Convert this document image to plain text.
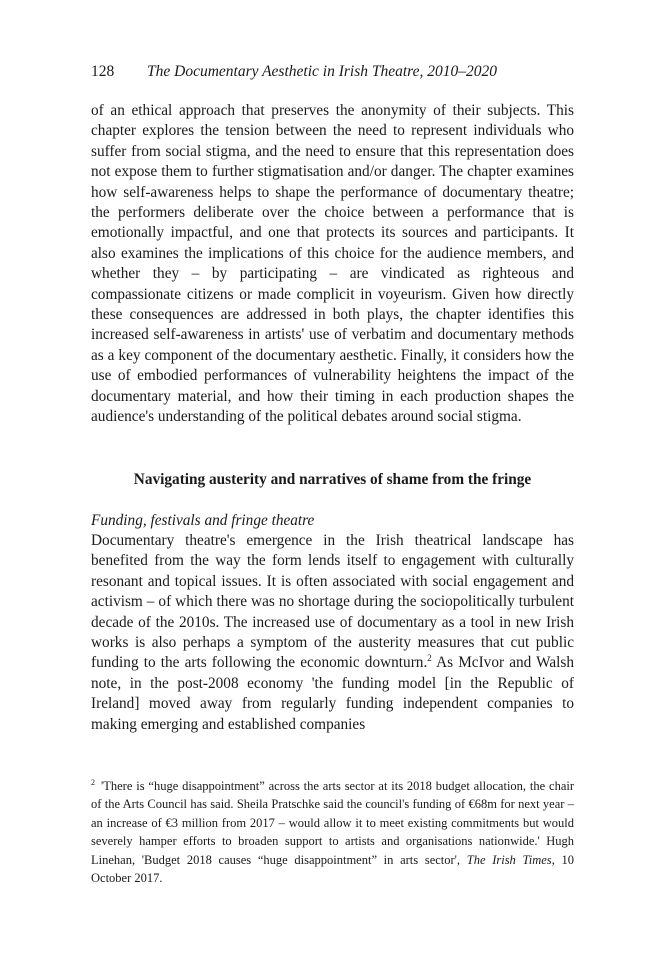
128 The Documentary Aesthetic in Irish Theatre, 2010–2020

of an ethical approach that preserves the anonymity of their subjects. This chapter explores the tension between the need to represent individuals who suffer from social stigma, and the need to ensure that this representation does not expose them to further stigmatisation and/or danger. The chapter examines how self-awareness helps to shape the performance of documentary theatre; the performers deliberate over the choice between a performance that is emotionally impactful, and one that protects its sources and participants. It also examines the implications of this choice for the audience members, and whether they – by participating – are vindicated as righteous and compassionate citizens or made complicit in voyeurism. Given how directly these consequences are addressed in both plays, the chapter identifies this increased self-awareness in artists' use of verbatim and documentary methods as a key component of the documentary aesthetic. Finally, it considers how the use of embodied performances of vulnerability heightens the impact of the documentary material, and how their timing in each production shapes the audience's understanding of the political debates around social stigma.

Navigating austerity and narratives of shame from the fringe
Funding, festivals and fringe theatre

Documentary theatre's emergence in the Irish theatrical landscape has benefited from the way the form lends itself to engagement with culturally resonant and topical issues. It is often associated with social engagement and activism – of which there was no shortage during the sociopolitically turbulent decade of the 2010s. The increased use of documentary as a tool in new Irish works is also perhaps a symptom of the austerity measures that cut public funding to the arts following the economic downturn.$^2$ As McIvor and Walsh note, in the post-2008 economy 'the funding model [in the Republic of Ireland] moved away from regularly funding independent companies to making emerging and established companies

$^2$ 'There is “huge disappointment” across the arts sector at its 2018 budget allocation, the chair of the Arts Council has said. Sheila Pratschke said the council's funding of €68m for next year – an increase of €3 million from 2017 – would allow it to meet existing commitments but would severely hamper efforts to broaden support to artists and organisations nationwide.' Hugh Linehan, 'Budget 2018 causes “huge disappointment” in arts sector', The Irish Times, 10 October 2017.
